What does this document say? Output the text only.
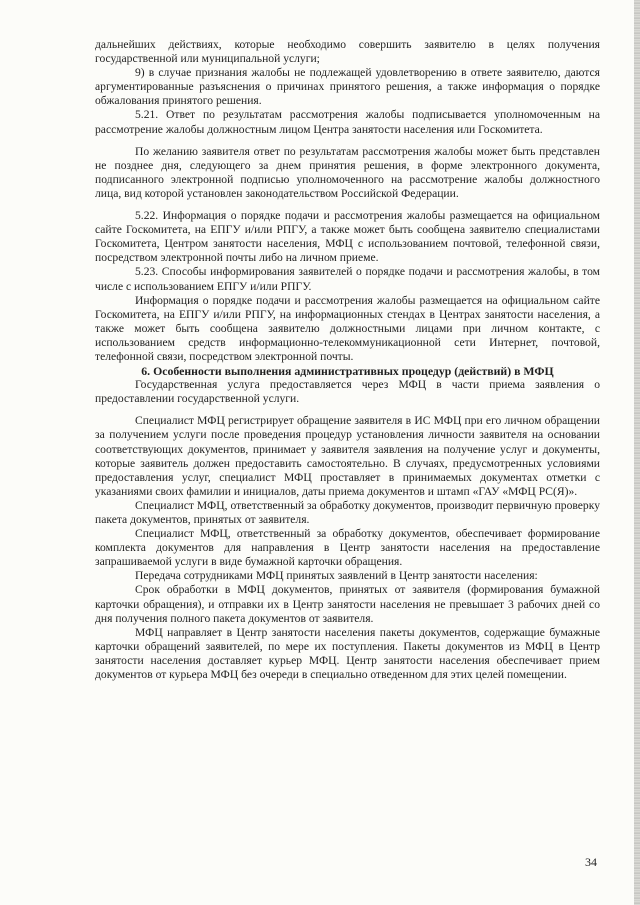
дальнейших действиях, которые необходимо совершить заявителю в целях получения государственной или муниципальной услуги;

9) в случае признания жалобы не подлежащей удовлетворению в ответе заявителю, даются аргументированные разъяснения о причинах принятого решения, а также информация о порядке обжалования принятого решения.

5.21. Ответ по результатам рассмотрения жалобы подписывается уполномоченным на рассмотрение жалобы должностным лицом Центра занятости населения или Госкомитета.

По желанию заявителя ответ по результатам рассмотрения жалобы может быть представлен не позднее дня, следующего за днем принятия решения, в форме электронного документа, подписанного электронной подписью уполномоченного на рассмотрение жалобы должностного лица, вид которой установлен законодательством Российской Федерации.

5.22. Информация о порядке подачи и рассмотрения жалобы размещается на официальном сайте Госкомитета, на ЕПГУ и/или РПГУ, а также может быть сообщена заявителю специалистами Госкомитета, Центром занятости населения, МФЦ с использованием почтовой, телефонной связи, посредством электронной почты либо на личном приеме.

5.23. Способы информирования заявителей о порядке подачи и рассмотрения жалобы, в том числе с использованием ЕПГУ и/или РПГУ.

Информация о порядке подачи и рассмотрения жалобы размещается на официальном сайте Госкомитета, на ЕПГУ и/или РПГУ, на информационных стендах в Центрах занятости населения, а также может быть сообщена заявителю должностными лицами при личном контакте, с использованием средств информационно-телекоммуникационной сети Интернет, почтовой, телефонной связи, посредством электронной почты.

6. Особенности выполнения административных процедур (действий) в МФЦ

Государственная услуга предоставляется через МФЦ в части приема заявления о предоставлении государственной услуги.

Специалист МФЦ регистрирует обращение заявителя в ИС МФЦ при его личном обращении за получением услуги после проведения процедур установления личности заявителя на основании соответствующих документов, принимает у заявителя заявления на получение услуг и документы, которые заявитель должен предоставить самостоятельно. В случаях, предусмотренных условиями предоставления услуг, специалист МФЦ проставляет в принимаемых документах отметки с указаниями своих фамилии и инициалов, даты приема документов и штамп «ГАУ «МФЦ РС(Я)».

Специалист МФЦ, ответственный за обработку документов, производит первичную проверку пакета документов, принятых от заявителя.

Специалист МФЦ, ответственный за обработку документов, обеспечивает формирование комплекта документов для направления в Центр занятости населения на предоставление запрашиваемой услуги в виде бумажной карточки обращения.

Передача сотрудниками МФЦ принятых заявлений в Центр занятости населения:

Срок обработки в МФЦ документов, принятых от заявителя (формирования бумажной карточки обращения), и отправки их в Центр занятости населения не превышает 3 рабочих дней со дня получения полного пакета документов от заявителя.

МФЦ направляет в Центр занятости населения пакеты документов, содержащие бумажные карточки обращений заявителей, по мере их поступления. Пакеты документов из МФЦ в Центр занятости населения доставляет курьер МФЦ. Центр занятости населения обеспечивает прием документов от курьера МФЦ без очереди в специально отведенном для этих целей помещении.

34
